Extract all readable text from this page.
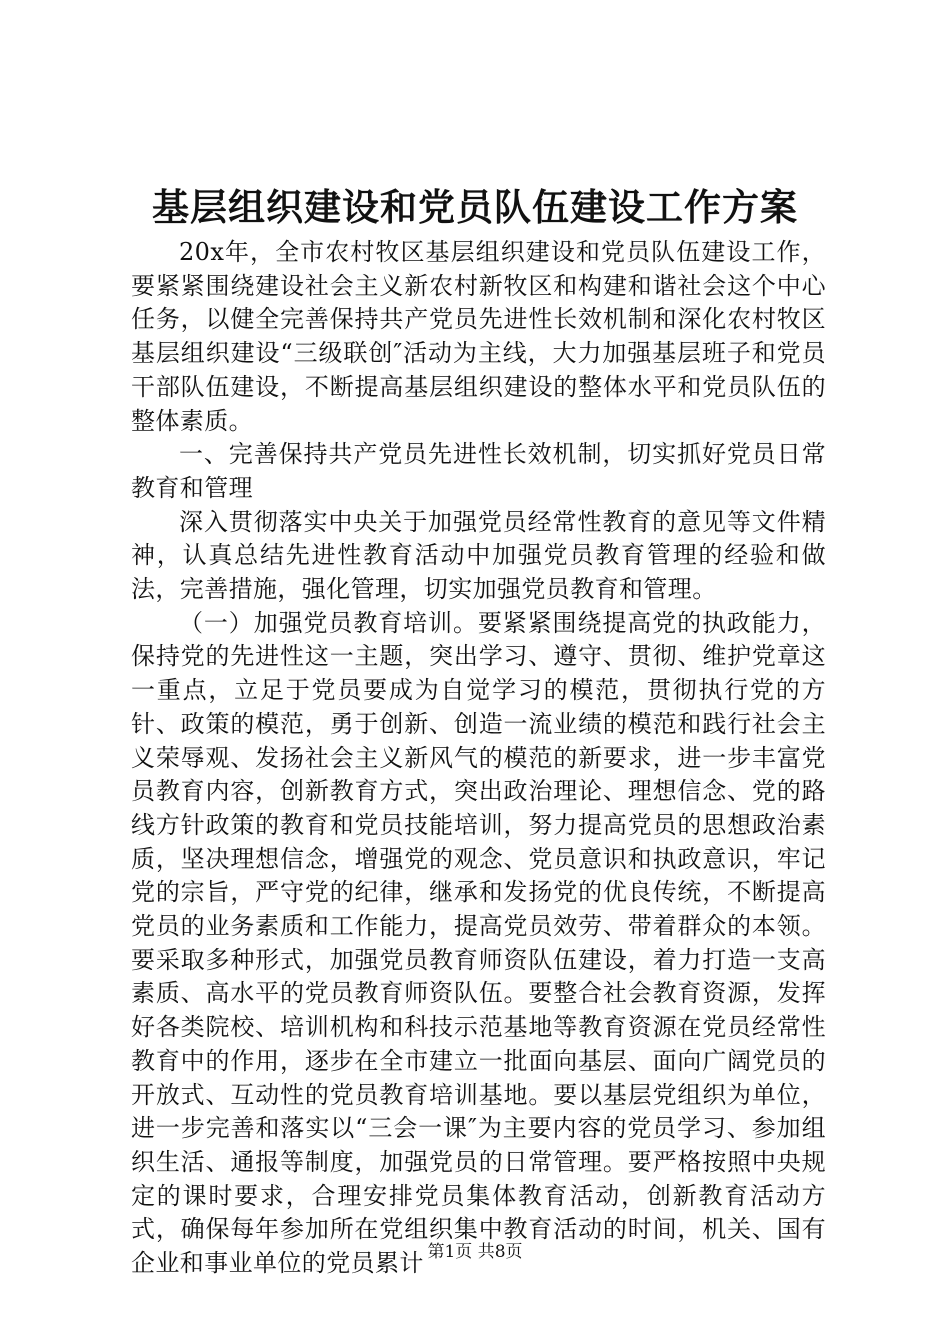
基层组织建设和党员队伍建设工作方案

20x年，全市农村牧区基层组织建设和党员队伍建设工作，要紧紧围绕建设社会主义新农村新牧区和构建和谐社会这个中心任务，以健全完善保持共产党员先进性长效机制和深化农村牧区基层组织建设“三级联创″活动为主线，大力加强基层班子和党员干部队伍建设，不断提高基层组织建设的整体水平和党员队伍的整体素质。

一、完善保持共产党员先进性长效机制，切实抓好党员日常教育和管理

深入贯彻落实中央关于加强党员经常性教育的意见等文件精神，认真总结先进性教育活动中加强党员教育管理的经验和做法，完善措施，强化管理，切实加强党员教育和管理。

（一）加强党员教育培训。要紧紧围绕提高党的执政能力，保持党的先进性这一主题，突出学习、遵守、贯彻、维护党章这一重点，立足于党员要成为自觉学习的模范，贯彻执行党的方针、政策的模范，勇于创新、创造一流业绩的模范和践行社会主义荣辱观、发扬社会主义新风气的模范的新要求，进一步丰富党员教育内容，创新教育方式，突出政治理论、理想信念、党的路线方针政策的教育和党员技能培训，努力提高党员的思想政治素质，坚决理想信念，增强党的观念、党员意识和执政意识，牢记党的宗旨，严守党的纪律，继承和发扬党的优良传统，不断提高党员的业务素质和工作能力，提高党员效劳、带着群众的本领。要采取多种形式，加强党员教育师资队伍建设，着力打造一支高素质、高水平的党员教育师资队伍。要整合社会教育资源，发挥好各类院校、培训机构和科技示范基地等教育资源在党员经常性教育中的作用，逐步在全市建立一批面向基层、面向广阔党员的开放式、互动性的党员教育培训基地。要以基层党组织为单位，进一步完善和落实以“三会一课″为主要内容的党员学习、参加组织生活、通报等制度，加强党员的日常管理。要严格按照中央规定的课时要求，合理安排党员集体教育活动，创新教育活动方式，确保每年参加所在党组织集中教育活动的时间，机关、国有企业和事业单位的党员累计 第1页 共8页
